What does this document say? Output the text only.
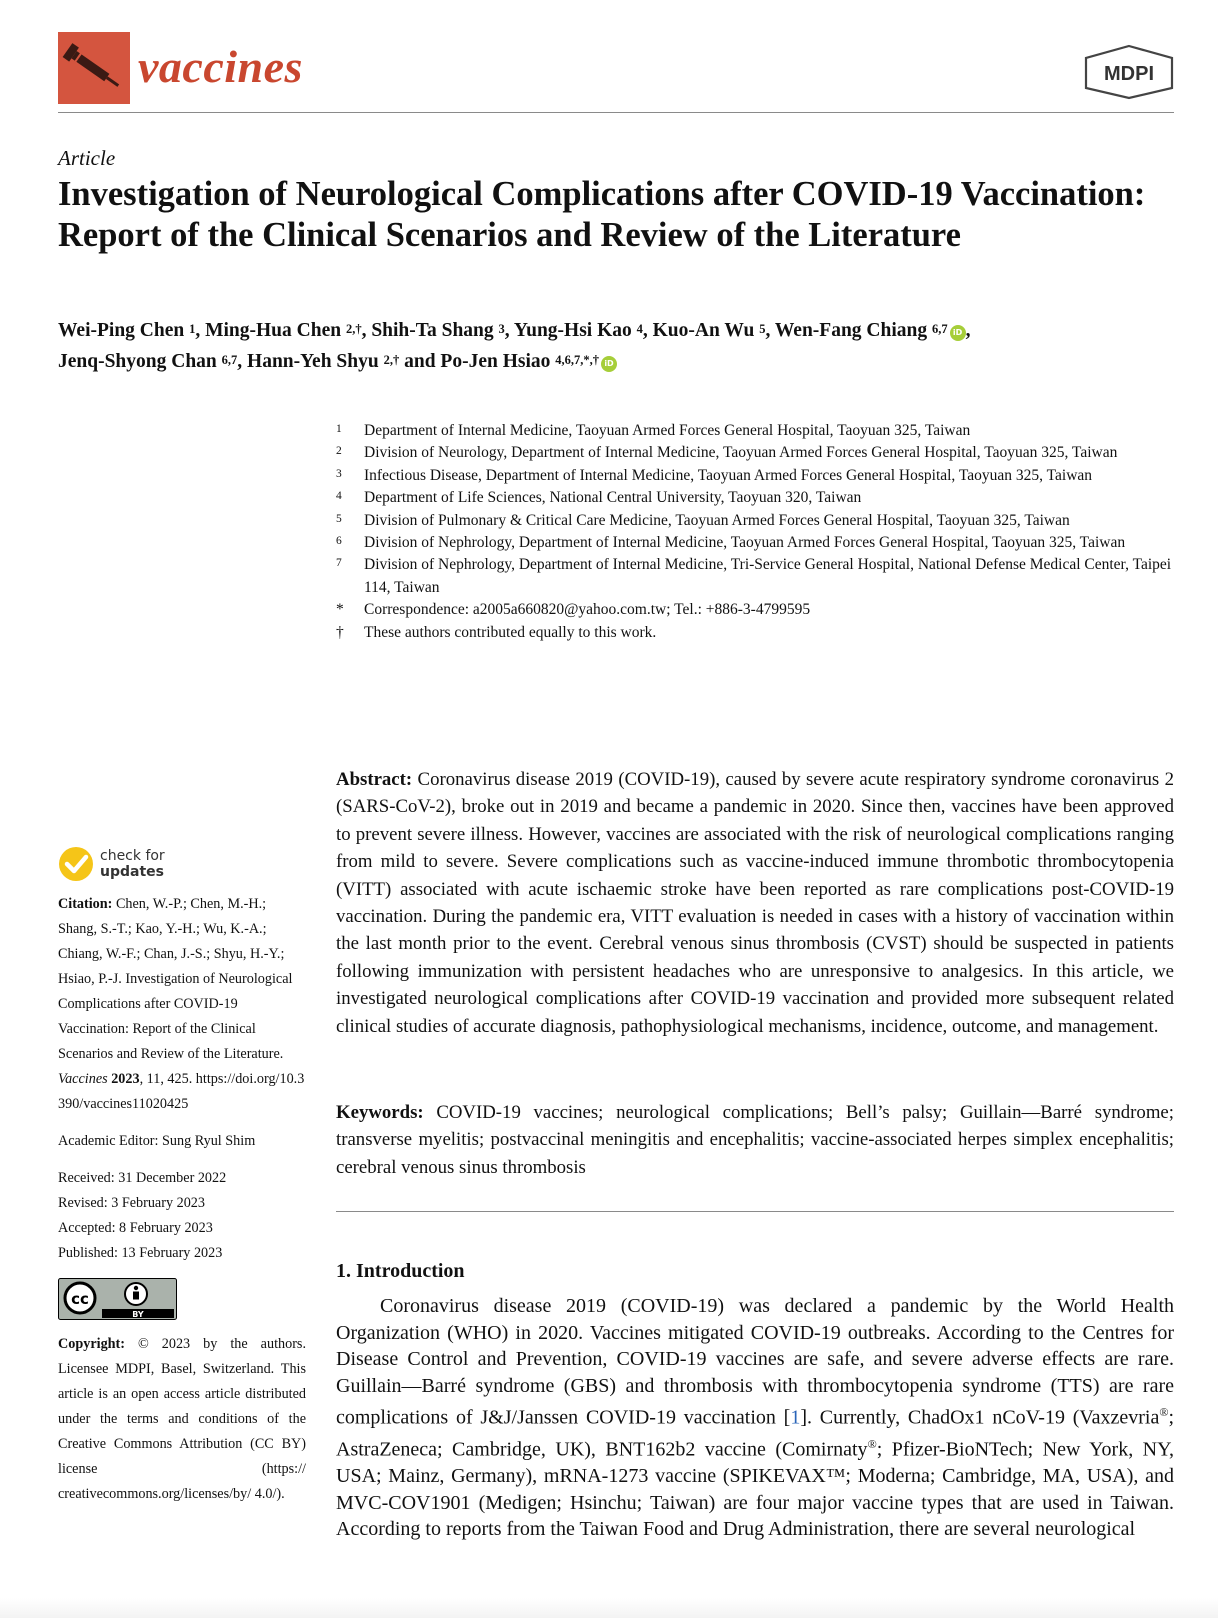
vaccines	MDPI
Article
Investigation of Neurological Complications after COVID-19 Vaccination: Report of the Clinical Scenarios and Review of the Literature
Wei-Ping Chen $^1$, Ming-Hua Chen $^{2,\dagger}$, Shih-Ta Shang $^3$, Yung-Hsi Kao $^4$, Kuo-An Wu $^5$, Wen-Fang Chiang $^{6,7}$ iD ,
Jenq-Shyong Chan $^{6,7}$, Hann-Yeh Shyu $^{2,\dagger}$ and Po-Jen Hsiao $^{4,6,7,*,\dagger}$ iD
1	Department of Internal Medicine, Taoyuan Armed Forces General Hospital, Taoyuan 325, Taiwan
2	Division of Neurology, Department of Internal Medicine, Taoyuan Armed Forces General Hospital, Taoyuan 325, Taiwan
3	Infectious Disease, Department of Internal Medicine, Taoyuan Armed Forces General Hospital, Taoyuan 325, Taiwan
4	Department of Life Sciences, National Central University, Taoyuan 320, Taiwan
5	Division of Pulmonary & Critical Care Medicine, Taoyuan Armed Forces General Hospital, Taoyuan 325, Taiwan
6	Division of Nephrology, Department of Internal Medicine, Taoyuan Armed Forces General Hospital, Taoyuan 325, Taiwan
7	Division of Nephrology, Department of Internal Medicine, Tri-Service General Hospital, National Defense Medical Center, Taipei 114, Taiwan
*	Correspondence: a2005a660820@yahoo.com.tw; Tel.: +886-3-4799595
†	These authors contributed equally to this work.
Abstract: Coronavirus disease 2019 (COVID-19), caused by severe acute respiratory syndrome coronavirus 2 (SARS-CoV-2), broke out in 2019 and became a pandemic in 2020. Since then, vaccines have been approved to prevent severe illness. However, vaccines are associated with the risk of neurological complications ranging from mild to severe. Severe complications such as vaccine-induced immune thrombotic thrombocytopenia (VITT) associated with acute ischaemic stroke have been reported as rare complications post-COVID-19 vaccination. During the pandemic era, VITT evaluation is needed in cases with a history of vaccination within the last month prior to the event. Cerebral venous sinus thrombosis (CVST) should be suspected in patients following immunization with persistent headaches who are unresponsive to analgesics. In this article, we investigated neurological complications after COVID-19 vaccination and provided more subsequent related clinical studies of accurate diagnosis, pathophysiological mechanisms, incidence, outcome, and management.
Keywords: COVID-19 vaccines; neurological complications; Bell’s palsy; Guillain—Barré syndrome; transverse myelitis; postvaccinal meningitis and encephalitis; vaccine-associated herpes simplex encephalitis; cerebral venous sinus thrombosis
1. Introduction
Coronavirus disease 2019 (COVID-19) was declared a pandemic by the World Health Organization (WHO) in 2020. Vaccines mitigated COVID-19 outbreaks. According to the Centres for Disease Control and Prevention, COVID-19 vaccines are safe, and severe adverse effects are rare. Guillain—Barré syndrome (GBS) and thrombosis with thrombocytopenia syndrome (TTS) are rare complications of J&J/Janssen COVID-19 vaccination [1]. Currently, ChadOx1 nCoV-19 (Vaxzevria®; AstraZeneca; Cambridge, UK), BNT162b2 vaccine (Comirnaty®; Pfizer-BioNTech; New York, NY, USA; Mainz, Germany), mRNA-1273 vaccine (SPIKEVAX™; Moderna; Cambridge, MA, USA), and MVC-COV1901 (Medigen; Hsinchu; Taiwan) are four major vaccine types that are used in Taiwan. According to reports from the Taiwan Food and Drug Administration, there are several neurological
check for
updates
Citation: Chen, W.-P.; Chen, M.-H.; Shang, S.-T.; Kao, Y.-H.; Wu, K.-A.; Chiang, W.-F.; Chan, J.-S.; Shyu, H.-Y.; Hsiao, P.-J. Investigation of Neurological Complications after COVID-19 Vaccination: Report of the Clinical Scenarios and Review of the Literature. Vaccines 2023, 11, 425. https://doi.org/10.3390/vaccines11020425
Academic Editor: Sung Ryul Shim
Received: 31 December 2022
Revised: 3 February 2023
Accepted: 8 February 2023
Published: 13 February 2023
cc
BY
Copyright: © 2023 by the authors. Licensee MDPI, Basel, Switzerland. This article is an open access article distributed under the terms and conditions of the Creative Commons Attribution (CC BY) license (https:// creativecommons.org/licenses/by/ 4.0/).
